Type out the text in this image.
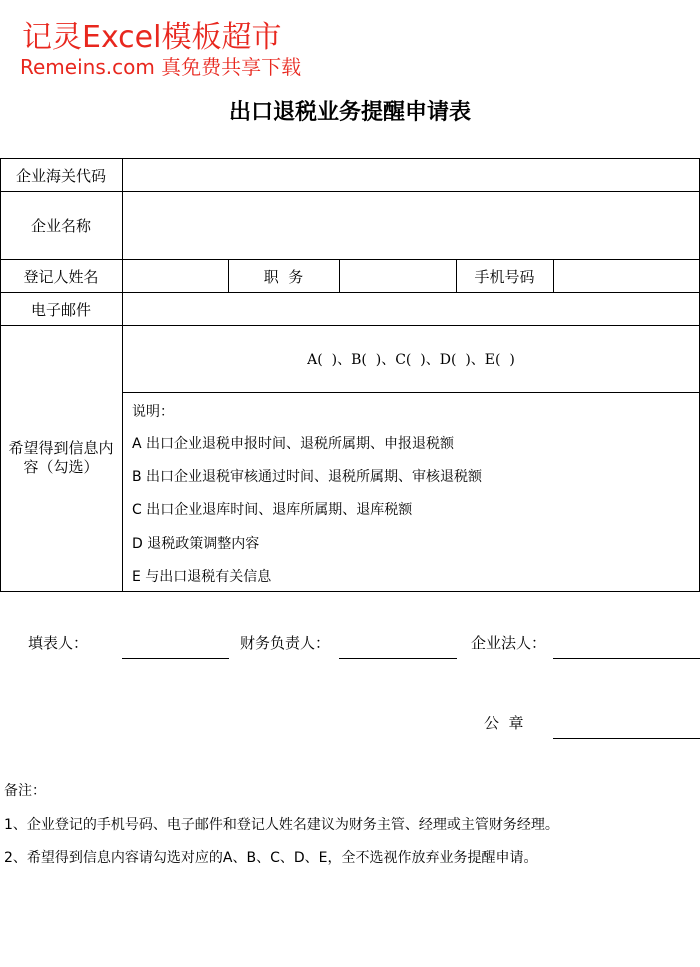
记灵Excel模板超市
Remeins.com 真免费共享下载
出口退税业务提醒申请表
企业海关代码
企业名称
登记人姓名	职  务	手机号码
电子邮件
希望得到信息内容（勾选）
A(  )、B(  )、C(  )、D(  )、E(  )
说明：
A 出口企业退税申报时间、退税所属期、申报退税额
B 出口企业退税审核通过时间、退税所属期、审核退税额
C 出口企业退库时间、退库所属期、退库税额
D 退税政策调整内容
E 与出口退税有关信息
填表人：	财务负责人：	企业法人：
公  章
备注：
1、企业登记的手机号码、电子邮件和登记人姓名建议为财务主管、经理或主管财务经理。
2、希望得到信息内容请勾选对应的A、B、C、D、E，全不选视作放弃业务提醒申请。
